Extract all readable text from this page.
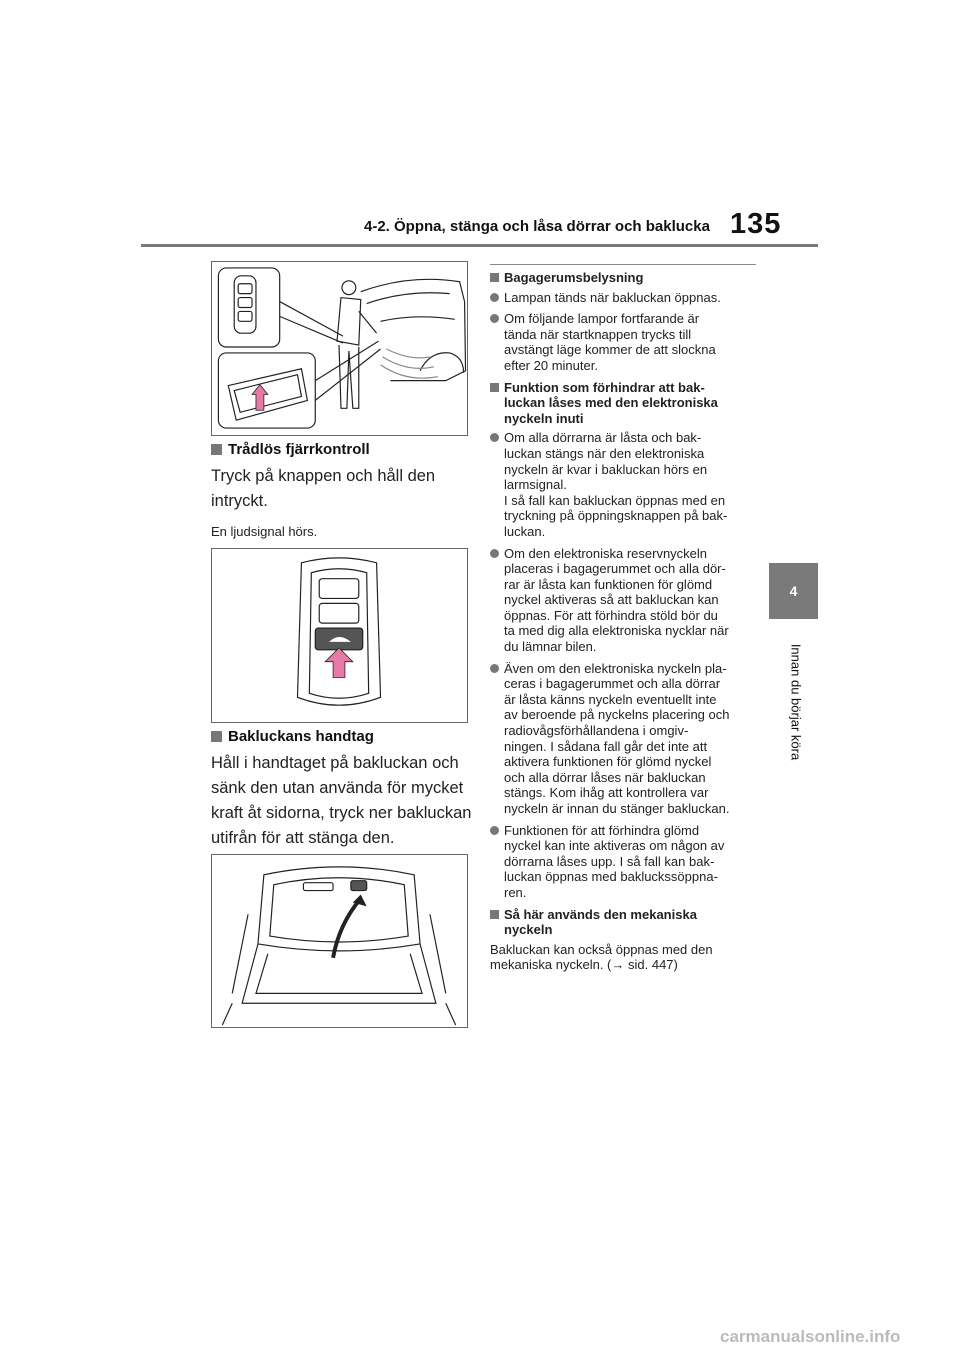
4-2. Öppna, stänga och låsa dörrar och baklucka 135
4
Innan du börjar köra
Trådlös fjärrkontroll
Tryck på knappen och håll den intryckt.
En ljudsignal hörs.
Bakluckans handtag
Håll i handtaget på bakluckan och sänk den utan använda för mycket kraft åt sidorna, tryck ner bakluckan utifrån för att stänga den.
Bagagerumsbelysning
Lampan tänds när bakluckan öppnas.
Om följande lampor fortfarande är
tända när startknappen trycks till
avstängt läge kommer de att slockna
efter 20 minuter.
Funktion som förhindrar att bak-
luckan låses med den elektroniska
nyckeln inuti
Om alla dörrarna är låsta och bak-
luckan stängs när den elektroniska
nyckeln är kvar i bakluckan hörs en
larmsignal.
I så fall kan bakluckan öppnas med en
tryckning på öppningsknappen på bak-
luckan.
Om den elektroniska reservnyckeln
placeras i bagagerummet och alla dör-
rar är låsta kan funktionen för glömd
nyckel aktiveras så att bakluckan kan
öppnas. För att förhindra stöld bör du
ta med dig alla elektroniska nycklar när
du lämnar bilen.
Även om den elektroniska nyckeln pla-
ceras i bagagerummet och alla dörrar
är låsta känns nyckeln eventuellt inte
av beroende på nyckelns placering och
radiovågsförhållandena i omgiv-
ningen. I sådana fall går det inte att
aktivera funktionen för glömd nyckel
och alla dörrar låses när bakluckan
stängs. Kom ihåg att kontrollera var
nyckeln är innan du stänger bakluckan.
Funktionen för att förhindra glömd
nyckel kan inte aktiveras om någon av
dörrarna låses upp. I så fall kan bak-
luckan öppnas med bakluckssöppna-
ren.
Så här används den mekaniska
nyckeln
Bakluckan kan också öppnas med den
mekaniska nyckeln. (→ sid. 447)
carmanualsonline.info
